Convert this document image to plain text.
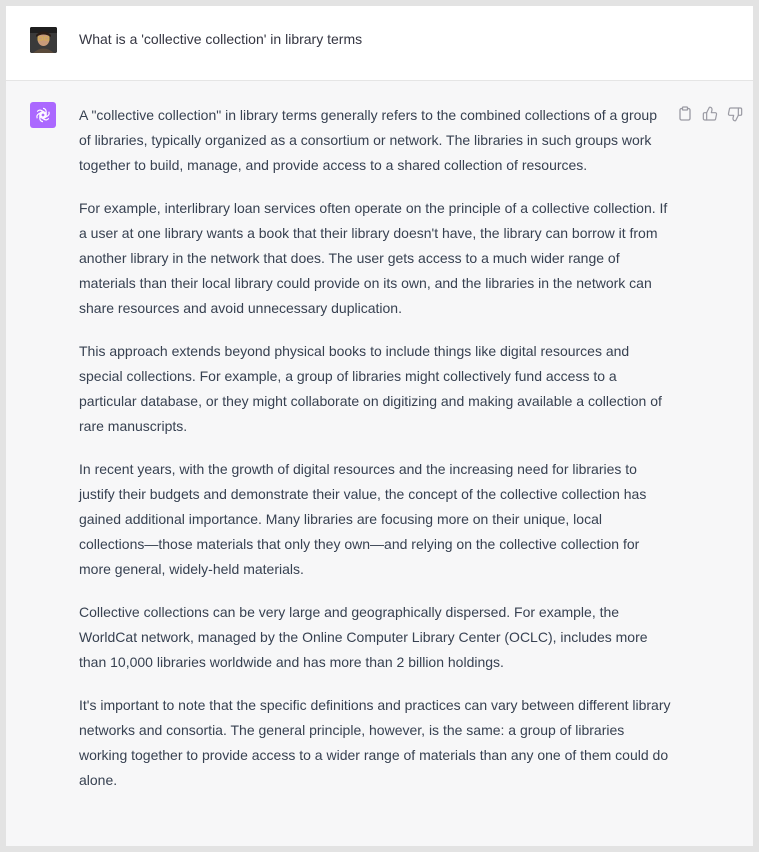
What is a 'collective collection' in library terms

A "collective collection" in library terms generally refers to the combined collections of a group of libraries, typically organized as a consortium or network. The libraries in such groups work together to build, manage, and provide access to a shared collection of resources.

For example, interlibrary loan services often operate on the principle of a collective collection. If a user at one library wants a book that their library doesn't have, the library can borrow it from another library in the network that does. The user gets access to a much wider range of materials than their local library could provide on its own, and the libraries in the network can share resources and avoid unnecessary duplication.

This approach extends beyond physical books to include things like digital resources and special collections. For example, a group of libraries might collectively fund access to a particular database, or they might collaborate on digitizing and making available a collection of rare manuscripts.

In recent years, with the growth of digital resources and the increasing need for libraries to justify their budgets and demonstrate their value, the concept of the collective collection has gained additional importance. Many libraries are focusing more on their unique, local collections—those materials that only they own—and relying on the collective collection for more general, widely-held materials.

Collective collections can be very large and geographically dispersed. For example, the WorldCat network, managed by the Online Computer Library Center (OCLC), includes more than 10,000 libraries worldwide and has more than 2 billion holdings.

It's important to note that the specific definitions and practices can vary between different library networks and consortia. The general principle, however, is the same: a group of libraries working together to provide access to a wider range of materials than any one of them could do alone.
